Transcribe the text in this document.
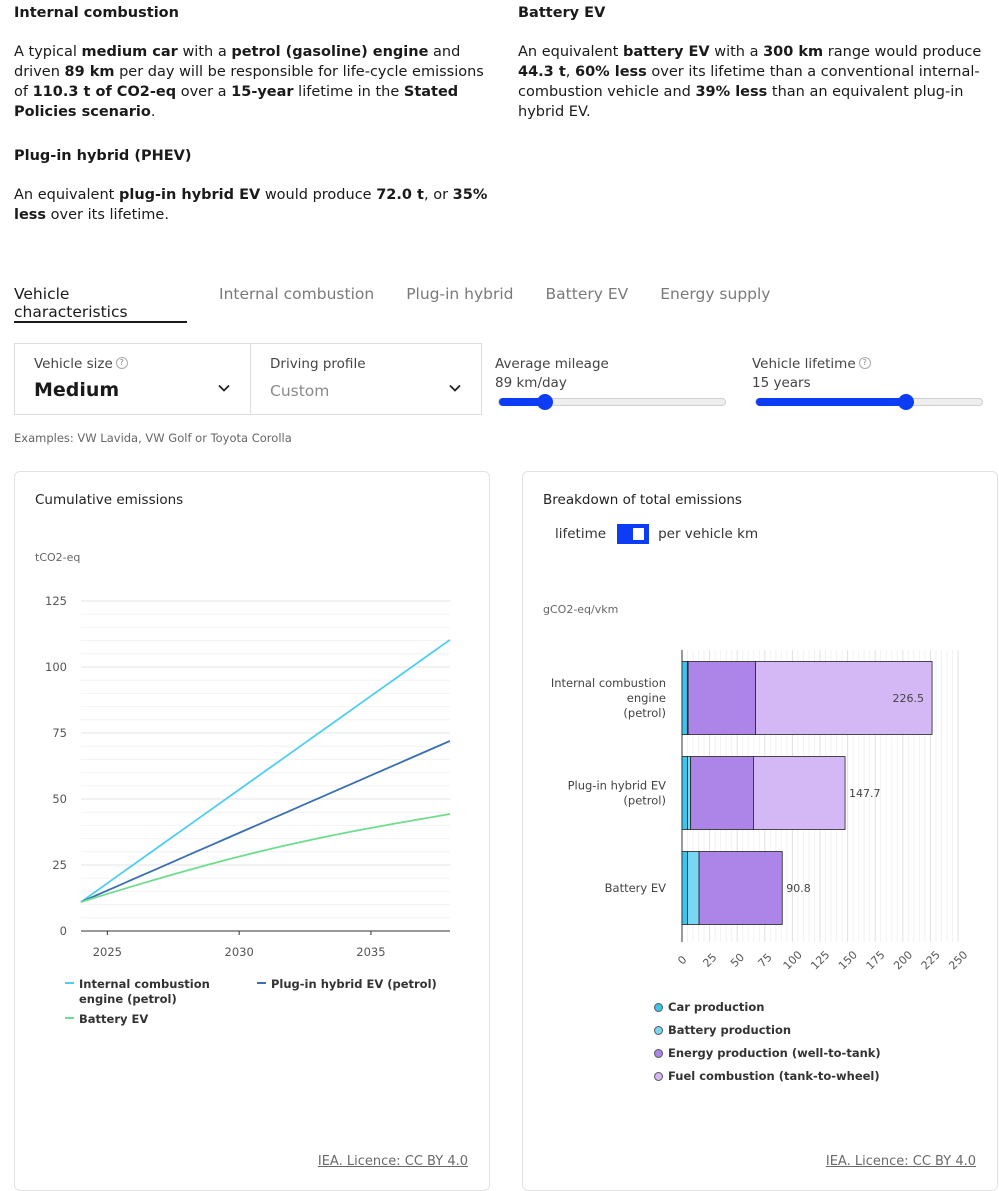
Internal combustion

A typical medium car with a petrol (gasoline) engine and driven 89 km per day will be responsible for life-cycle emissions of 110.3 t of CO2-eq over a 15-year lifetime in the Stated Policies scenario.

Plug-in hybrid (PHEV)

An equivalent plug-in hybrid EV would produce 72.0 t, or 35% less over its lifetime.

Battery EV

An equivalent battery EV with a 300 km range would produce 44.3 t, 60% less over its lifetime than a conventional internal-combustion vehicle and 39% less than an equivalent plug-in hybrid EV.

Vehicle characteristics
Internal combustion Plug-in hybrid Battery EV Energy supply
Vehicle size ?
Medium
Driving profile
Custom
Average mileage
89 km/day
Vehicle lifetime ?
15 years
Examples: VW Lavida, VW Golf or Toyota Corolla
Cumulative emissions
tCO2-eq
0
25
50
75
100
125
2025	2030	2035
Internal combustion engine (petrol)
Plug-in hybrid EV (petrol)
Battery EV
IEA. Licence: CC BY 4.0
Breakdown of total emissions
lifetime	per vehicle km
gCO2-eq/vkm
0 25 50 75 100 125 150 175 200 225 250
226.5
Internal combustion
engine
(petrol)
147.7
Plug-in hybrid EV
(petrol)
90.8
Battery EV
Car production
Battery production
Energy production (well-to-tank)
Fuel combustion (tank-to-wheel)
IEA. Licence: CC BY 4.0
